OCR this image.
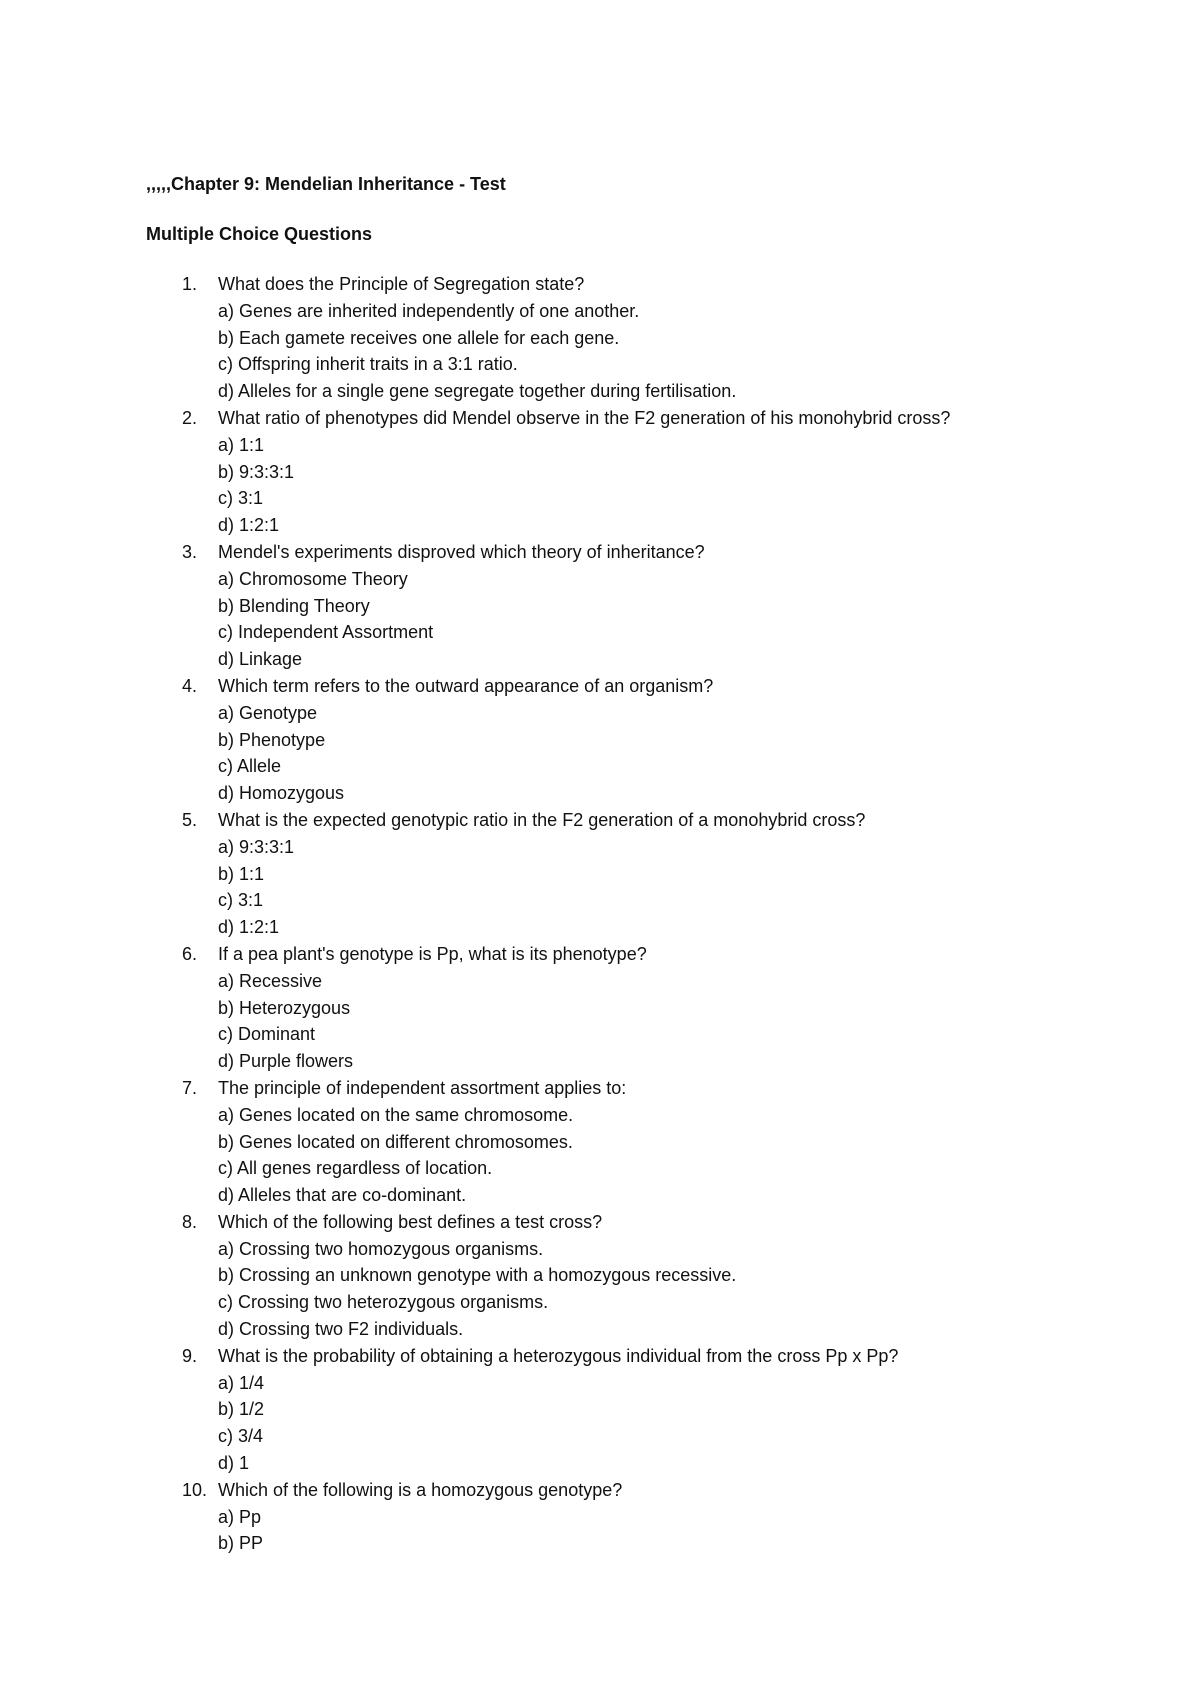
,,,,,Chapter 9: Mendelian Inheritance - Test
Multiple Choice Questions
1.	What does the Principle of Segregation state?
a) Genes are inherited independently of one another.
b) Each gamete receives one allele for each gene.
c) Offspring inherit traits in a 3:1 ratio.
d) Alleles for a single gene segregate together during fertilisation.
2.	What ratio of phenotypes did Mendel observe in the F2 generation of his monohybrid cross?
a) 1:1
b) 9:3:3:1
c) 3:1
d) 1:2:1
3.	Mendel's experiments disproved which theory of inheritance?
a) Chromosome Theory
b) Blending Theory
c) Independent Assortment
d) Linkage
4.	Which term refers to the outward appearance of an organism?
a) Genotype
b) Phenotype
c) Allele
d) Homozygous
5.	What is the expected genotypic ratio in the F2 generation of a monohybrid cross?
a) 9:3:3:1
b) 1:1
c) 3:1
d) 1:2:1
6.	If a pea plant's genotype is Pp, what is its phenotype?
a) Recessive
b) Heterozygous
c) Dominant
d) Purple flowers
7.	The principle of independent assortment applies to:
a) Genes located on the same chromosome.
b) Genes located on different chromosomes.
c) All genes regardless of location.
d) Alleles that are co-dominant.
8.	Which of the following best defines a test cross?
a) Crossing two homozygous organisms.
b) Crossing an unknown genotype with a homozygous recessive.
c) Crossing two heterozygous organisms.
d) Crossing two F2 individuals.
9.	What is the probability of obtaining a heterozygous individual from the cross Pp x Pp?
a) 1/4
b) 1/2
c) 3/4
d) 1
10. Which of the following is a homozygous genotype?
a) Pp
b) PP
